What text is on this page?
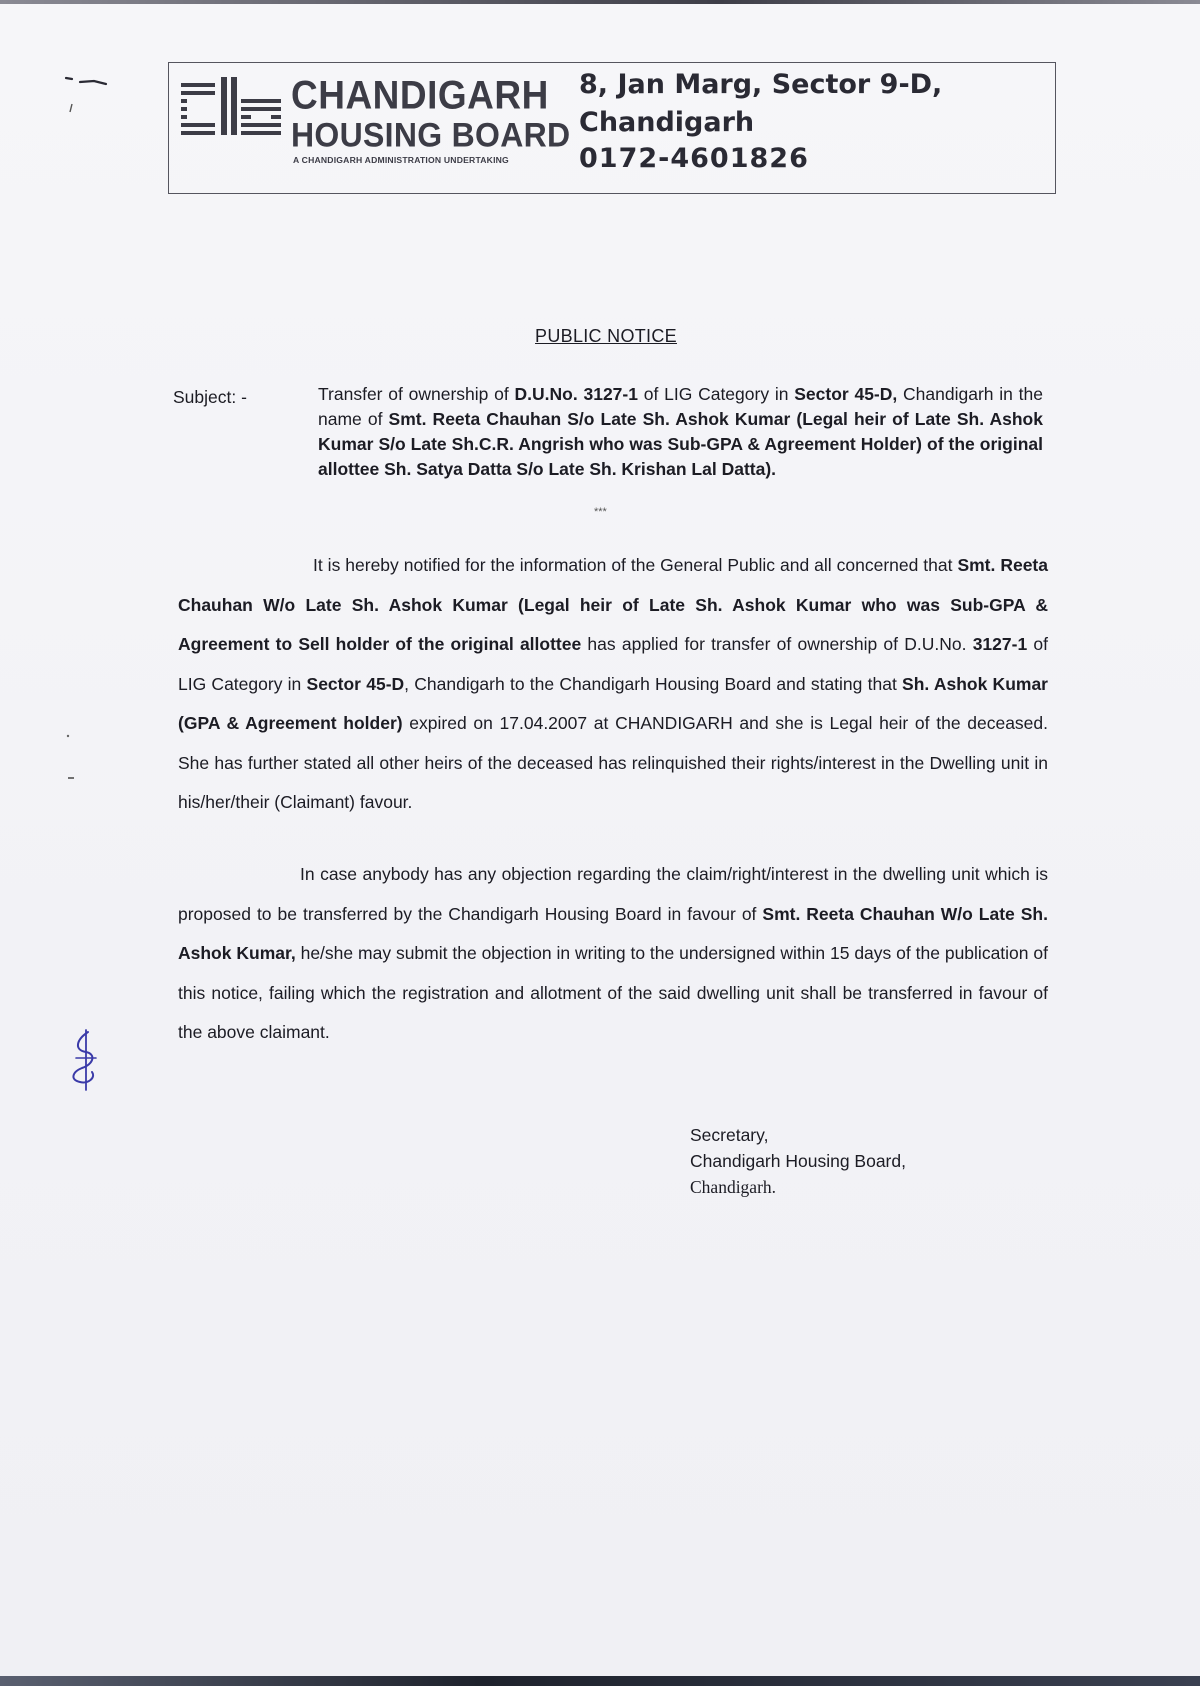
CHANDIGARH
HOUSING BOARD
A CHANDIGARH ADMINISTRATION UNDERTAKING
8, Jan Marg, Sector 9-D,
Chandigarh
0172-4601826
PUBLIC NOTICE
Subject: -	Transfer of ownership of D.U.No. 3127-1 of LIG Category in Sector 45-D, Chandigarh in the name of Smt. Reeta Chauhan S/o Late Sh. Ashok Kumar (Legal heir of Late Sh. Ashok Kumar S/o Late Sh.C.R. Angrish who was Sub-GPA & Agreement Holder) of the original allottee Sh. Satya Datta S/o Late Sh. Krishan Lal Datta).
***
It is hereby notified for the information of the General Public and all concerned that Smt. Reeta Chauhan W/o Late Sh. Ashok Kumar (Legal heir of Late Sh. Ashok Kumar who was Sub-GPA & Agreement to Sell holder of the original allottee has applied for transfer of ownership of D.U.No. 3127-1 of LIG Category in Sector 45-D, Chandigarh to the Chandigarh Housing Board and stating that Sh. Ashok Kumar (GPA & Agreement holder) expired on 17.04.2007 at CHANDIGARH and she is Legal heir of the deceased. She has further stated all other heirs of the deceased has relinquished their rights/interest in the Dwelling unit in his/her/their (Claimant) favour.
In case anybody has any objection regarding the claim/right/interest in the dwelling unit which is proposed to be transferred by the Chandigarh Housing Board in favour of Smt. Reeta Chauhan W/o Late Sh. Ashok Kumar, he/she may submit the objection in writing to the undersigned within 15 days of the publication of this notice, failing which the registration and allotment of the said dwelling unit shall be transferred in favour of the above claimant.
Secretary,
Chandigarh Housing Board,
Chandigarh.
